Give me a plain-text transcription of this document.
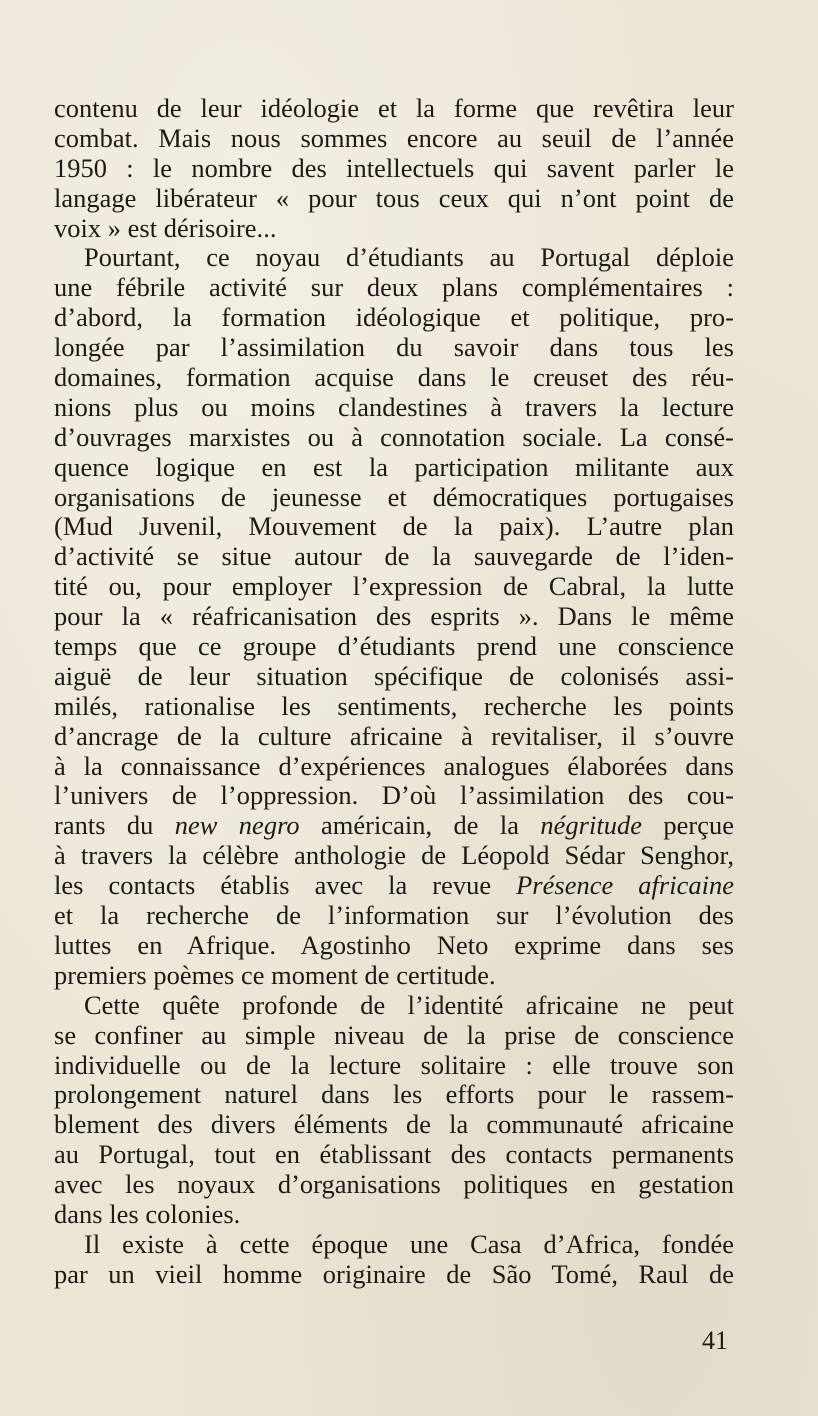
contenu de leur idéologie et la forme que revêtira leur
combat. Mais nous sommes encore au seuil de l’année
1950 : le nombre des intellectuels qui savent parler le
langage libérateur « pour tous ceux qui n’ont point de
voix » est dérisoire...
Pourtant, ce noyau d’étudiants au Portugal déploie
une fébrile activité sur deux plans complémentaires :
d’abord, la formation idéologique et politique, pro-
longée par l’assimilation du savoir dans tous les
domaines, formation acquise dans le creuset des réu-
nions plus ou moins clandestines à travers la lecture
d’ouvrages marxistes ou à connotation sociale. La consé-
quence logique en est la participation militante aux
organisations de jeunesse et démocratiques portugaises
(Mud Juvenil, Mouvement de la paix). L’autre plan
d’activité se situe autour de la sauvegarde de l’iden-
tité ou, pour employer l’expression de Cabral, la lutte
pour la « réafricanisation des esprits ». Dans le même
temps que ce groupe d’étudiants prend une conscience
aiguë de leur situation spécifique de colonisés assi-
milés, rationalise les sentiments, recherche les points
d’ancrage de la culture africaine à revitaliser, il s’ouvre
à la connaissance d’expériences analogues élaborées dans
l’univers de l’oppression. D’où l’assimilation des cou-
rants du new negro américain, de la négritude perçue
à travers la célèbre anthologie de Léopold Sédar Senghor,
les contacts établis avec la revue Présence africaine
et la recherche de l’information sur l’évolution des
luttes en Afrique. Agostinho Neto exprime dans ses
premiers poèmes ce moment de certitude.
Cette quête profonde de l’identité africaine ne peut
se confiner au simple niveau de la prise de conscience
individuelle ou de la lecture solitaire : elle trouve son
prolongement naturel dans les efforts pour le rassem-
blement des divers éléments de la communauté africaine
au Portugal, tout en établissant des contacts permanents
avec les noyaux d’organisations politiques en gestation
dans les colonies.
Il existe à cette époque une Casa d’Africa, fondée
par un vieil homme originaire de São Tomé, Raul de
41
